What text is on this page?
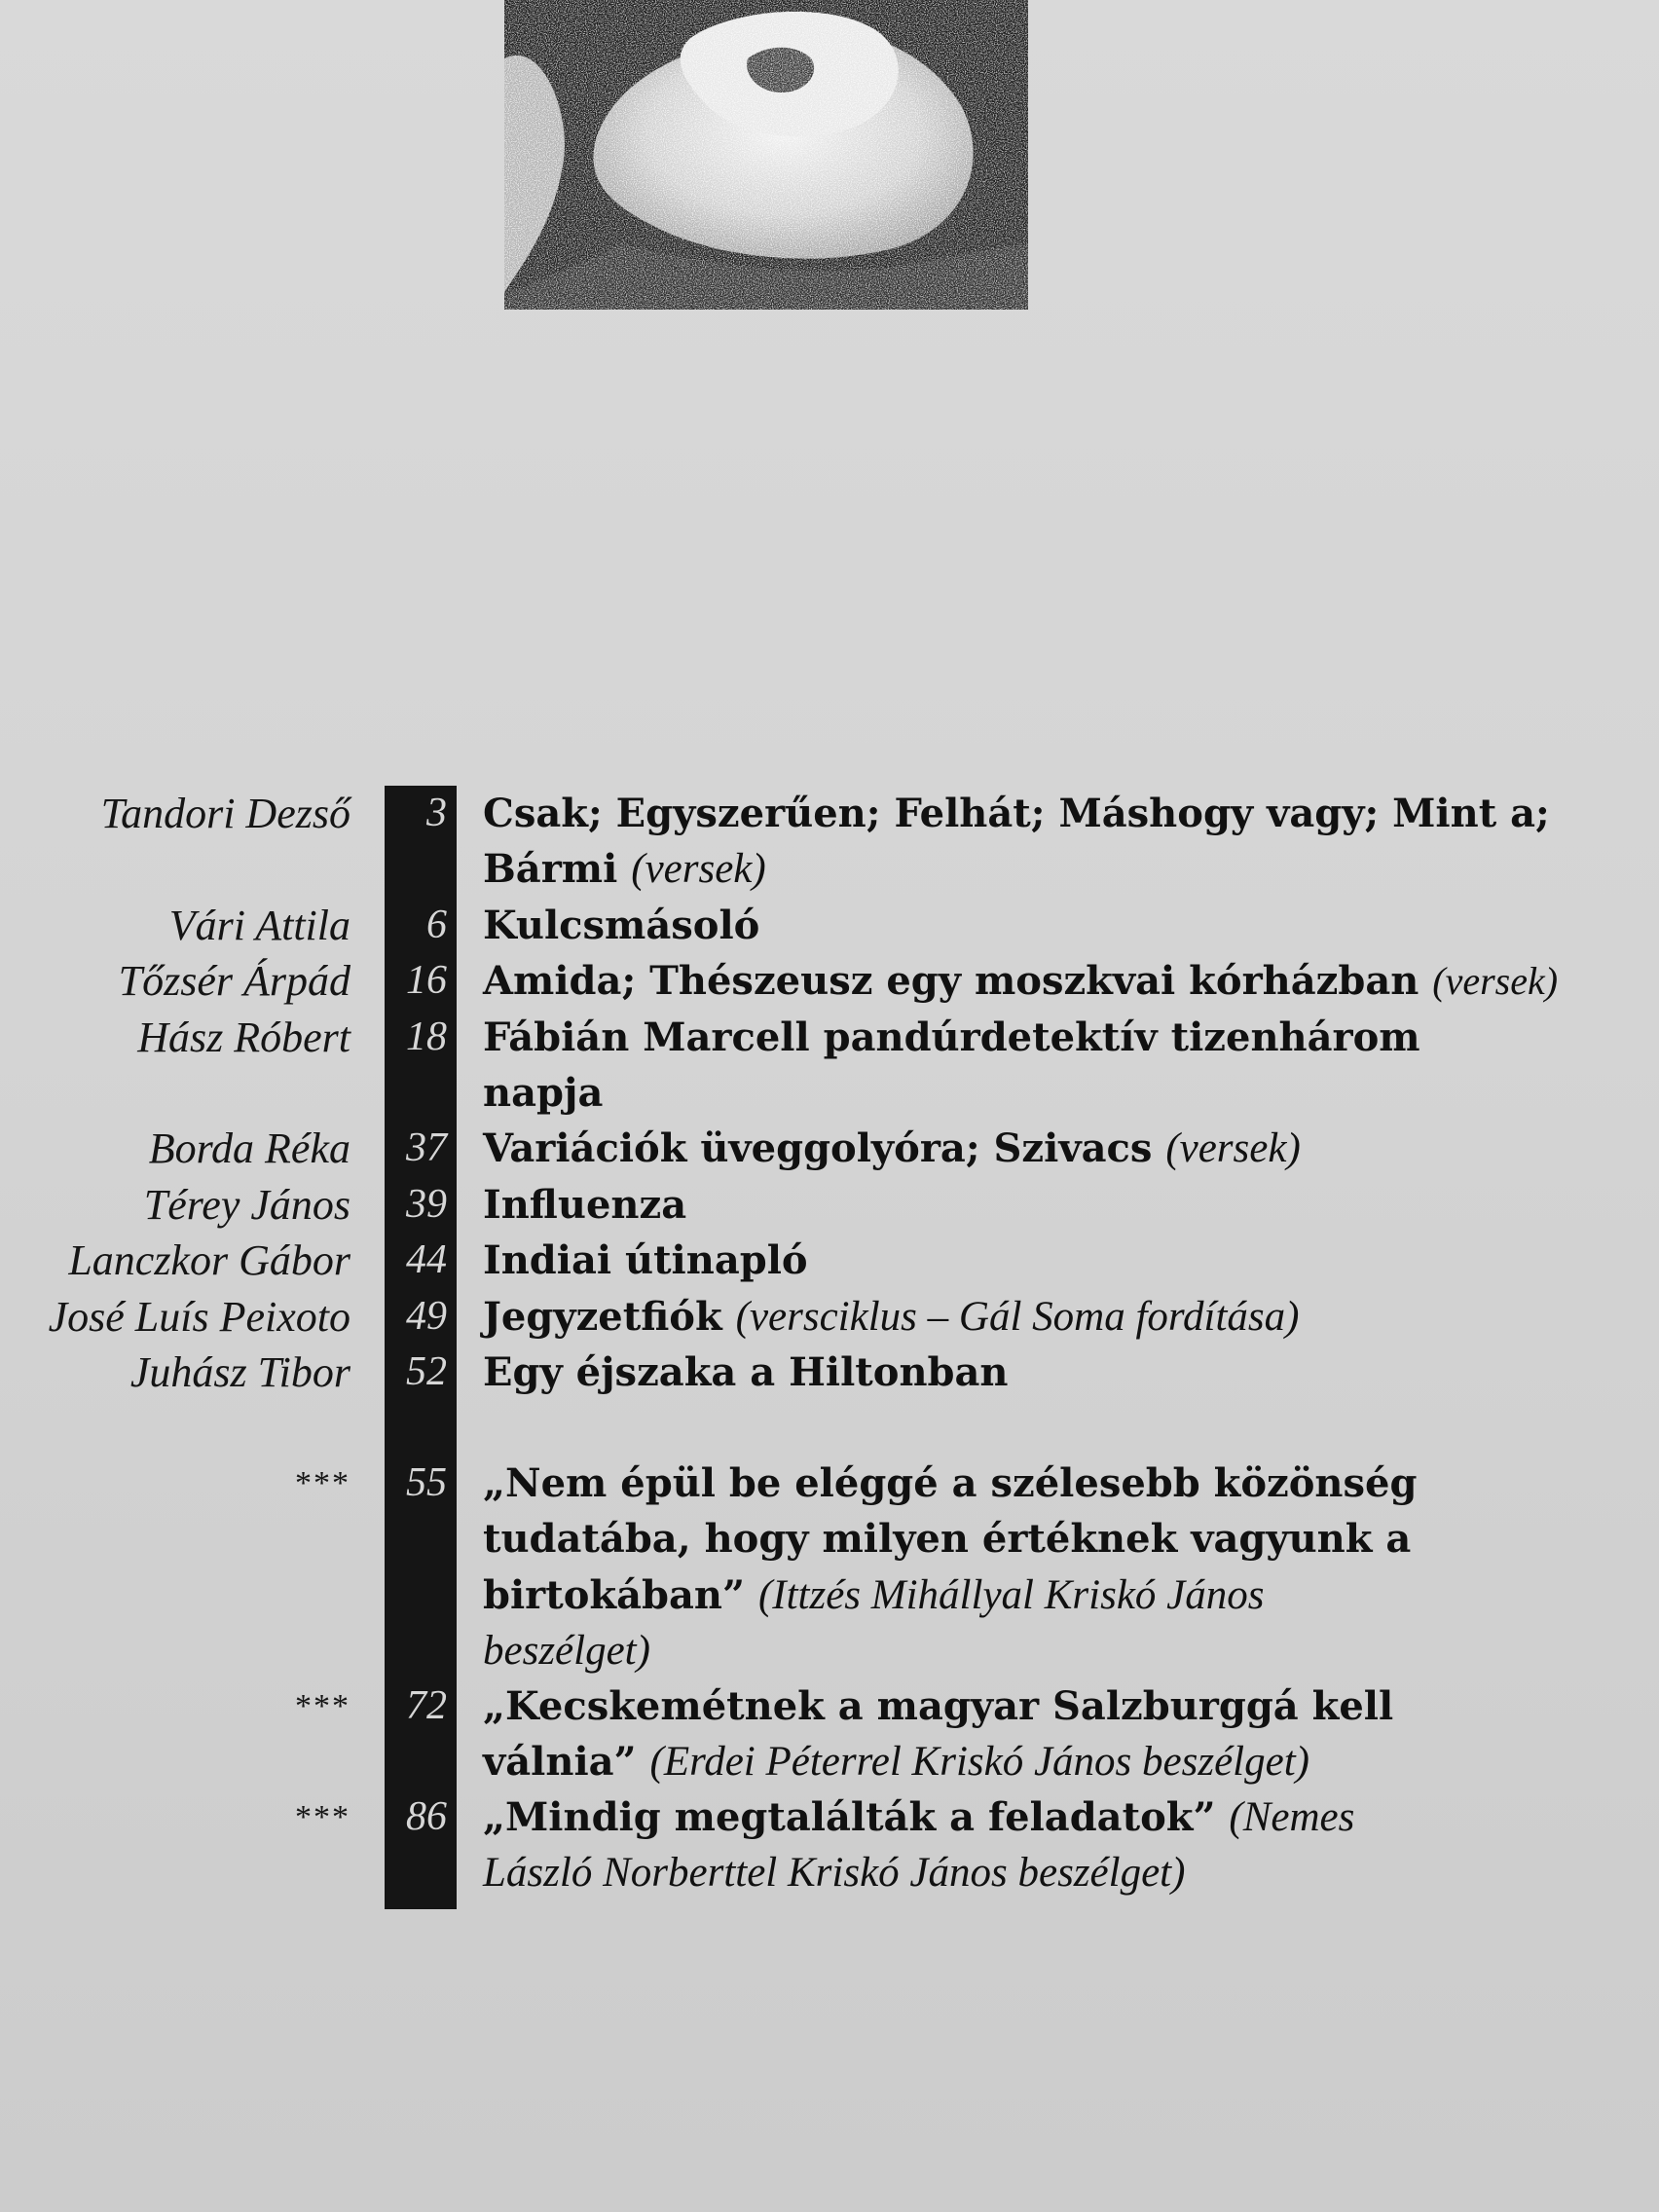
Tandori Dezső	3 Csak; Egyszerűen; Felhát; Máshogy vagy; Mint a; Bármi (versek)
Vári Attila	6 Kulcsmásoló
Tőzsér Árpád	16 Amida; Thészeusz egy moszkvai kórházban (versek)
Hász Róbert	18 Fábián Marcell pandúrdetektív tizenhárom napja
Borda Réka	37 Variációk üveggolyóra; Szivacs (versek)
Térey János	39 Influenza
Lanczkor Gábor	44 Indiai útinapló
José Luís Peixoto	49 Jegyzetfiók (versciklus – Gál Soma fordítása)
Juhász Tibor	52 Egy éjszaka a Hiltonban
***	55 „Nem épül be eléggé a szélesebb közönség tudatába, hogy milyen értéknek vagyunk a birtokában” (Ittzés Mihállyal Kriskó János beszélget)
***	72 „Kecskemétnek a magyar Salzburggá kell válnia” (Erdei Péterrel Kriskó János beszélget)
***	86 „Mindig megtalálták a feladatok” (Nemes László Norberttel Kriskó János beszélget)
